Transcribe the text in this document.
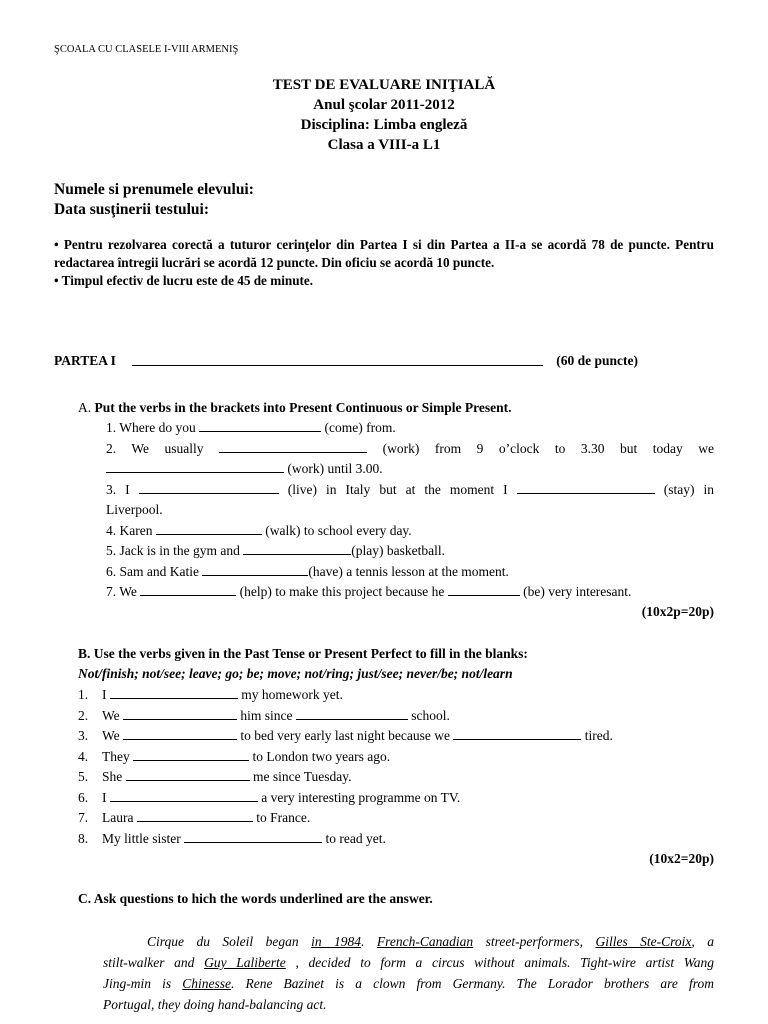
ŞCOALA CU CLASELE I-VIII ARMENIŞ
TEST DE EVALUARE INIŢIALĂ
Anul şcolar 2011-2012
Disciplina: Limba engleză
Clasa a VIII-a L1
Numele si prenumele elevului:
Data susţinerii testului:

• Pentru rezolvarea corectă a tuturor cerinţelor din Partea I si din Partea a II-a se acordă 78 de puncte. Pentru redactarea întregii lucrări se acordă 12 puncte. Din oficiu se acordă 10 puncte.

• Timpul efectiv de lucru este de 45 de minute.

PARTEA I	(60 de puncte)
A. Put the verbs in the brackets into Present Continuous or Simple Present.

1. Where do you	(come) from.

2. We usually	(work) from 9 o’clock to 3.30 but today we

(work) until 3.00.

3. I	(live) in Italy but at the moment I	(stay) in

Liverpool.

4. Karen	(walk) to school every day.

5. Jack is in the gym and	(play) basketball.

6. Sam and Katie	(have) a tennis lesson at the moment.

7. We	(help) to make this project because he	(be) very interesant.

(10x2p=20p)
B. Use the verbs given in the Past Tense or Present Perfect to fill in the blanks:
Not/finish; not/see; leave; go; be; move; not/ring; just/see; never/be; not/learn
1. I	my homework yet.
2. We	him since	school.
3. We	to bed very early last night because we	tired.
4. They	to London two years ago.
5. She	me since Tuesday.
6. I	a very interesting programme on TV.
7. Laura	to France.
8. My little sister	to read yet.
(10x2=20p)
C. Ask questions to hich the words underlined are the answer.

Cirque du Soleil began in 1984. French-Canadian street-performers, Gilles Ste-Croix, a

stilt-walker and Guy Laliberte , decided to form a circus without animals. Tight-wire artist Wang

Jing-min is Chinesse. Rene Bazinet is a clown from Germany. The Lorador brothers are from

Portugal, they doing hand-balancing act.
